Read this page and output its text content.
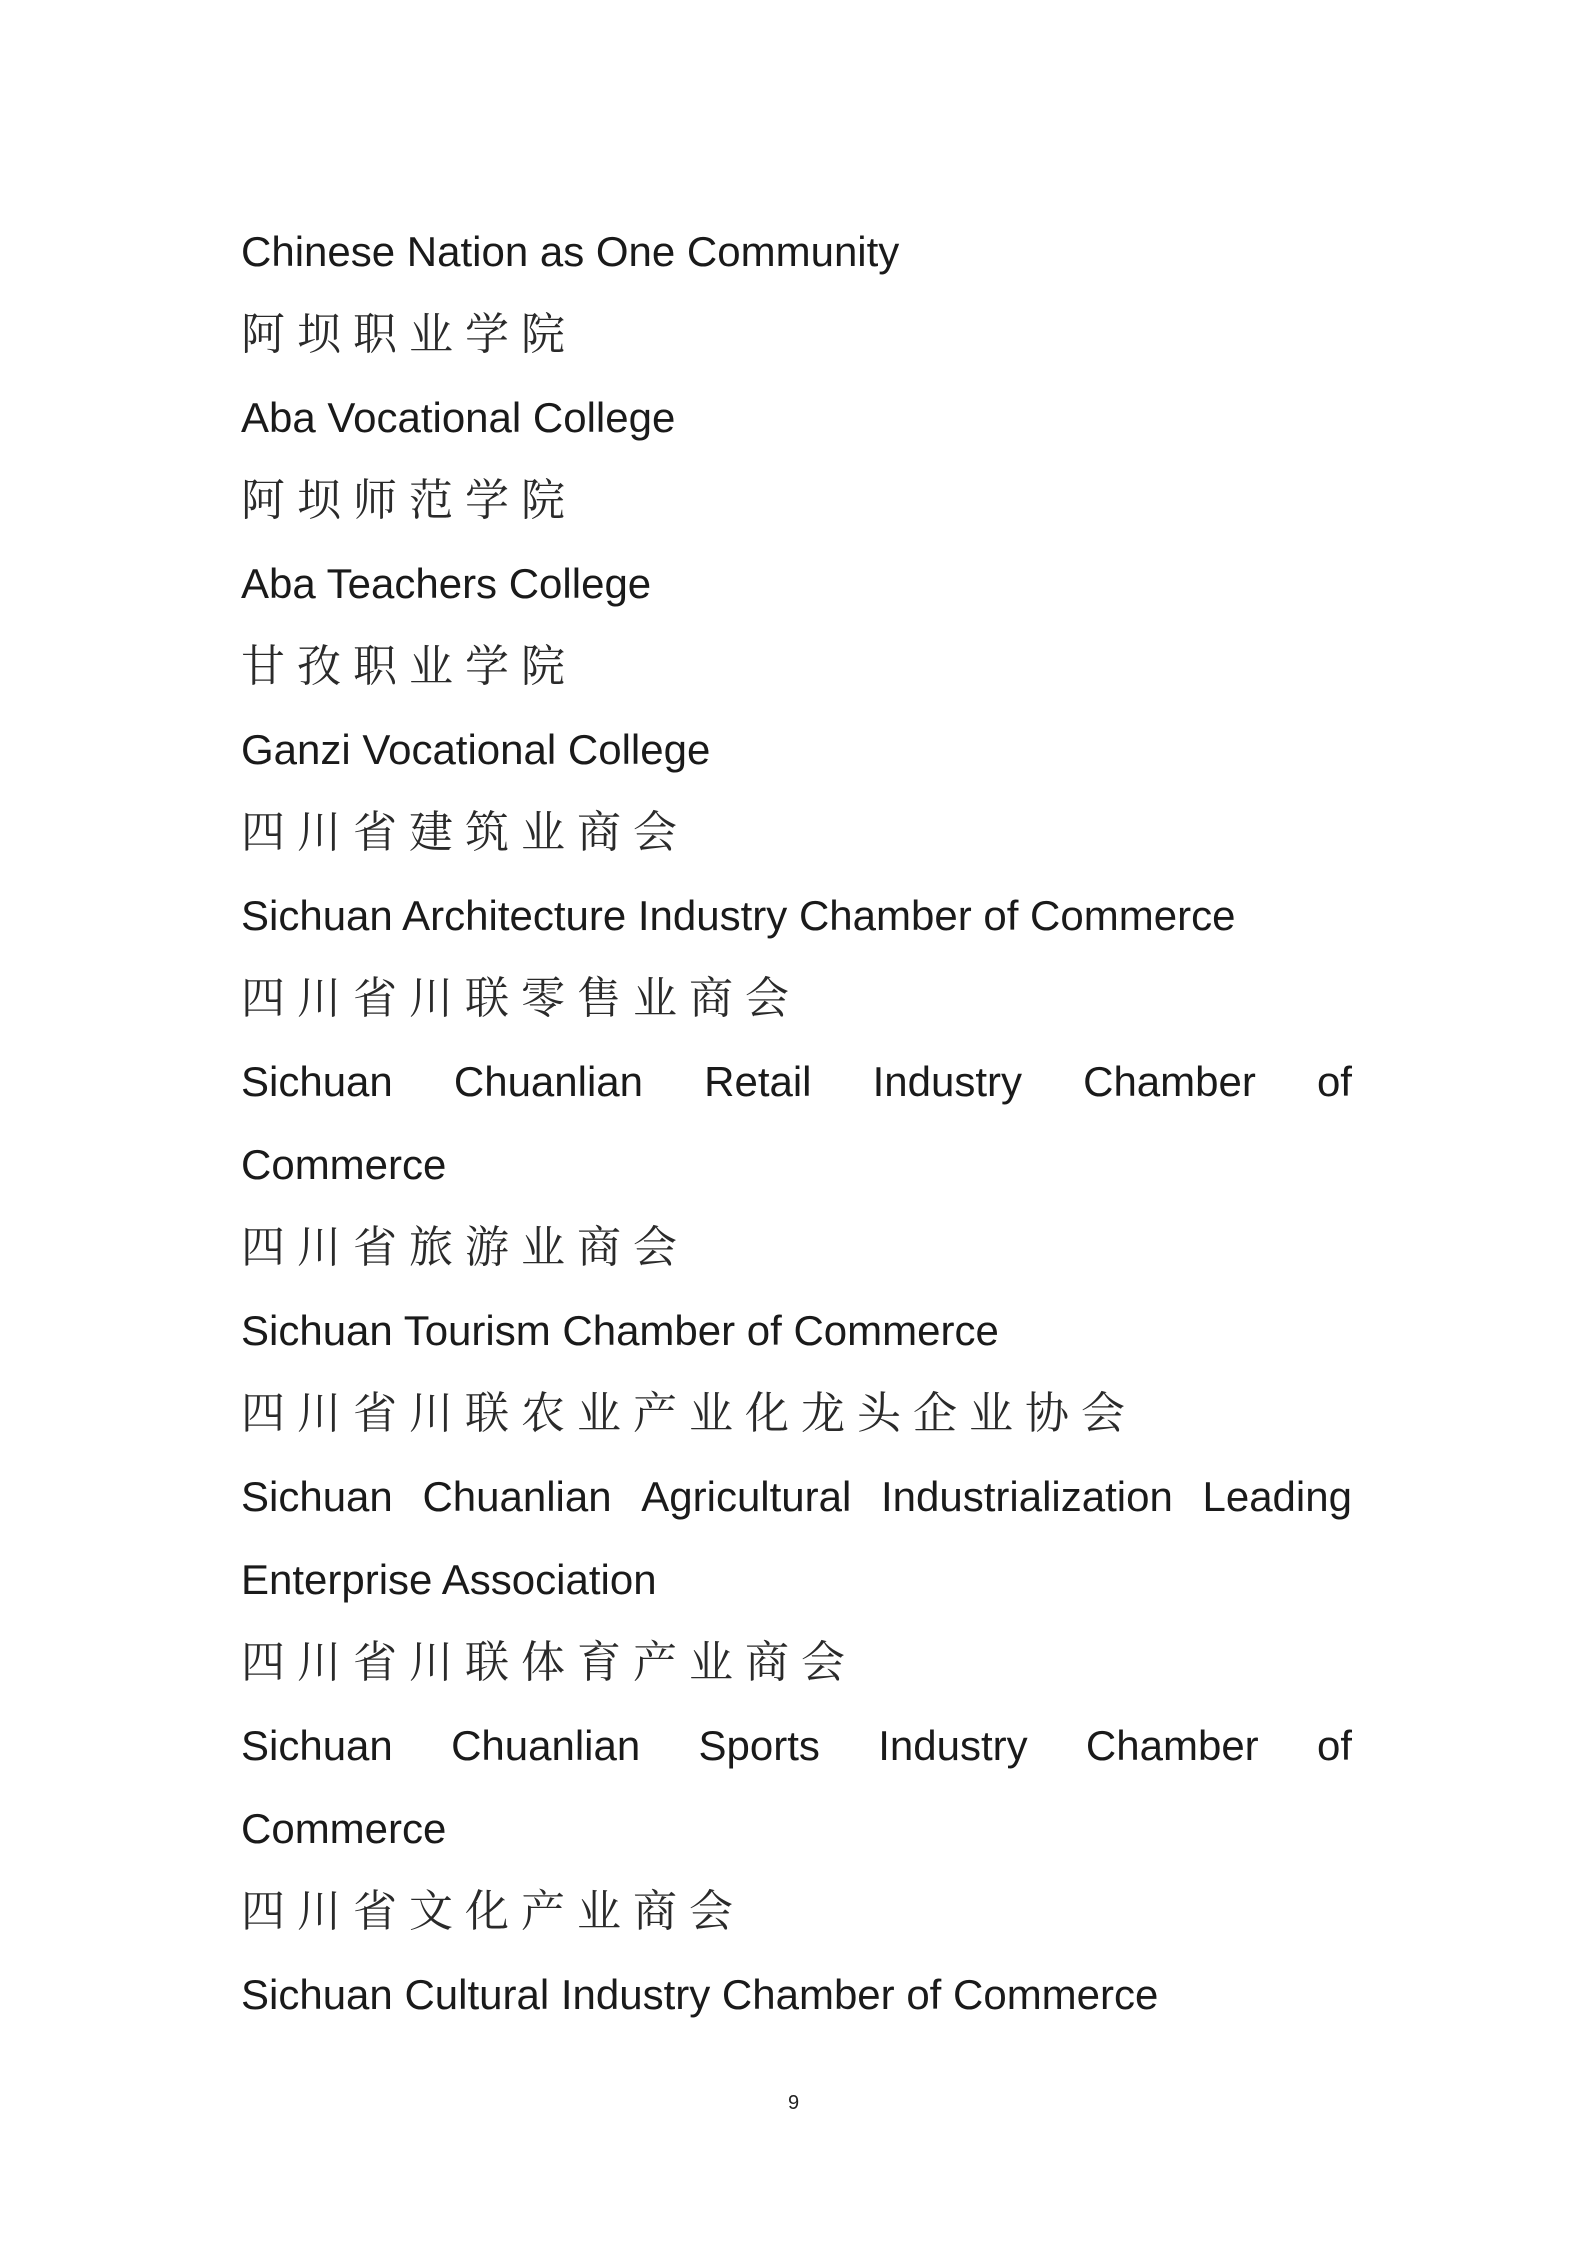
Chinese Nation as One Community
阿坝职业学院
Aba Vocational College
阿坝师范学院
Aba Teachers College
甘孜职业学院
Ganzi Vocational College
四川省建筑业商会
Sichuan Architecture Industry Chamber of Commerce
四川省川联零售业商会
Sichuan Chuanlian Retail Industry Chamber of
Commerce
四川省旅游业商会
Sichuan Tourism Chamber of Commerce
四川省川联农业产业化龙头企业协会
Sichuan Chuanlian Agricultural Industrialization Leading
Enterprise Association
四川省川联体育产业商会
Sichuan Chuanlian Sports Industry Chamber of
Commerce
四川省文化产业商会
Sichuan Cultural Industry Chamber of Commerce
9
